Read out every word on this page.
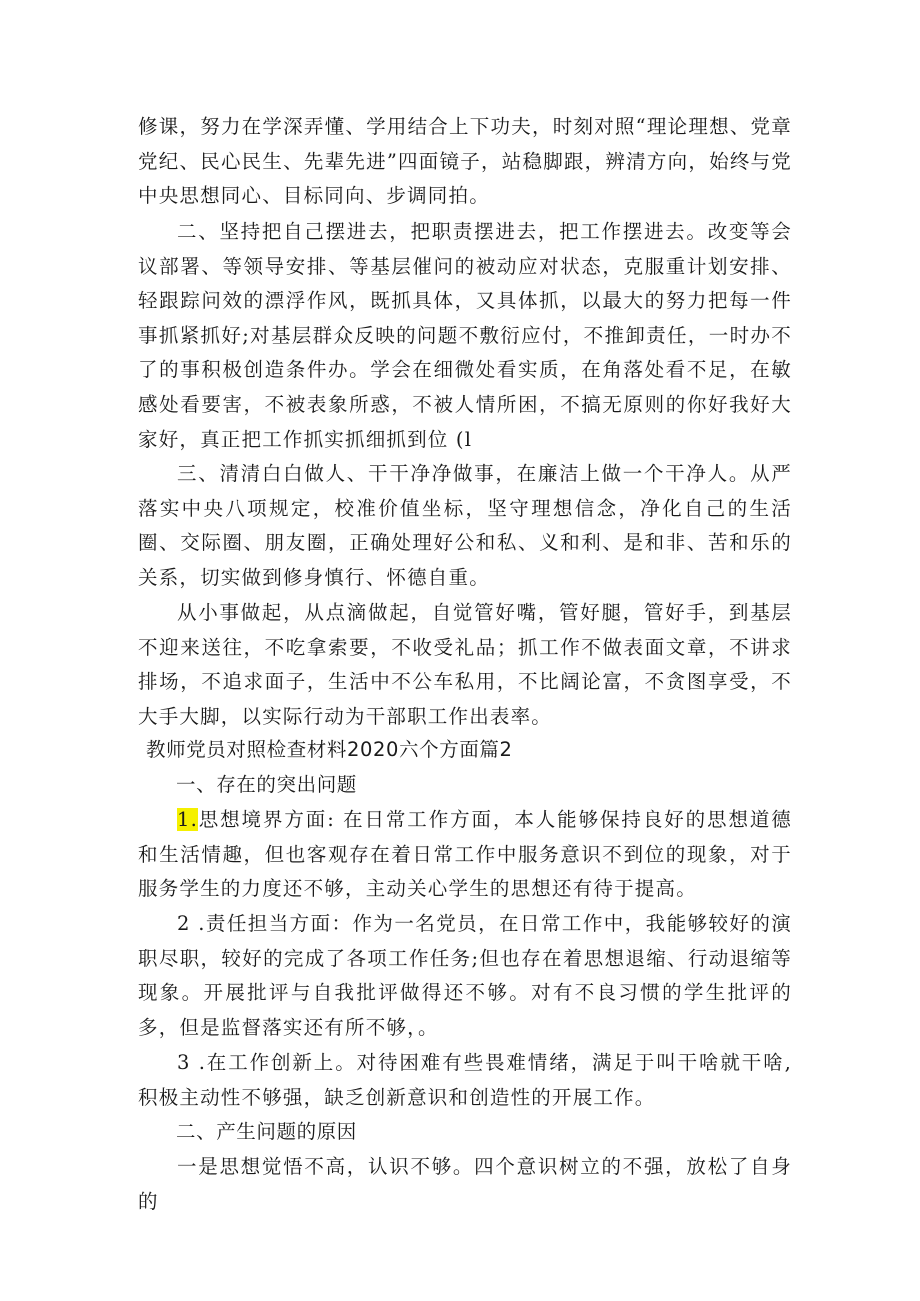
修课，努力在学深弄懂、学用结合上下功夫，时刻对照“理论理想、党章党纪、民心民生、先辈先进”四面镜子，站稳脚跟，辨清方向，始终与党中央思想同心、目标同向、步调同拍。

二、坚持把自己摆进去，把职责摆进去，把工作摆进去。改变等会议部署、等领导安排、等基层催问的被动应对状态，克服重计划安排、轻跟踪问效的漂浮作风，既抓具体，又具体抓，以最大的努力把每一件事抓紧抓好;对基层群众反映的问题不敷衍应付，不推卸责任，一时办不了的事积极创造条件办。学会在细微处看实质，在角落处看不足，在敏感处看要害，不被表象所惑，不被人情所困，不搞无原则的你好我好大家好，真正把工作抓实抓细抓到位 (l

三、清清白白做人、干干净净做事，在廉洁上做一个干净人。从严落实中央八项规定，校准价值坐标，坚守理想信念，净化自己的生活圈、交际圈、朋友圈，正确处理好公和私、义和利、是和非、苦和乐的关系，切实做到修身慎行、怀德自重。

从小事做起，从点滴做起，自觉管好嘴，管好腿，管好手，到基层不迎来送往，不吃拿索要，不收受礼品；抓工作不做表面文章，不讲求排场，不追求面子，生活中不公车私用，不比阔论富，不贪图享受，不大手大脚，以实际行动为干部职工作出表率。

教师党员对照检查材料2020六个方面篇2

一、存在的突出问题

1.思想境界方面: 在日常工作方面，本人能够保持良好的思想道德和生活情趣，但也客观存在着日常工作中服务意识不到位的现象，对于服务学生的力度还不够，主动关心学生的思想还有待于提高。

2 .责任担当方面：作为一名党员，在日常工作中，我能够较好的演职尽职，较好的完成了各项工作任务;但也存在着思想退缩、行动退缩等现象。开展批评与自我批评做得还不够。对有不良习惯的学生批评的多，但是监督落实还有所不够，。

3 .在工作创新上。对待困难有些畏难情绪，满足于叫干啥就干啥,积极主动性不够强，缺乏创新意识和创造性的开展工作。

二、产生问题的原因

一是思想觉悟不高，认识不够。四个意识树立的不强，放松了自身的
